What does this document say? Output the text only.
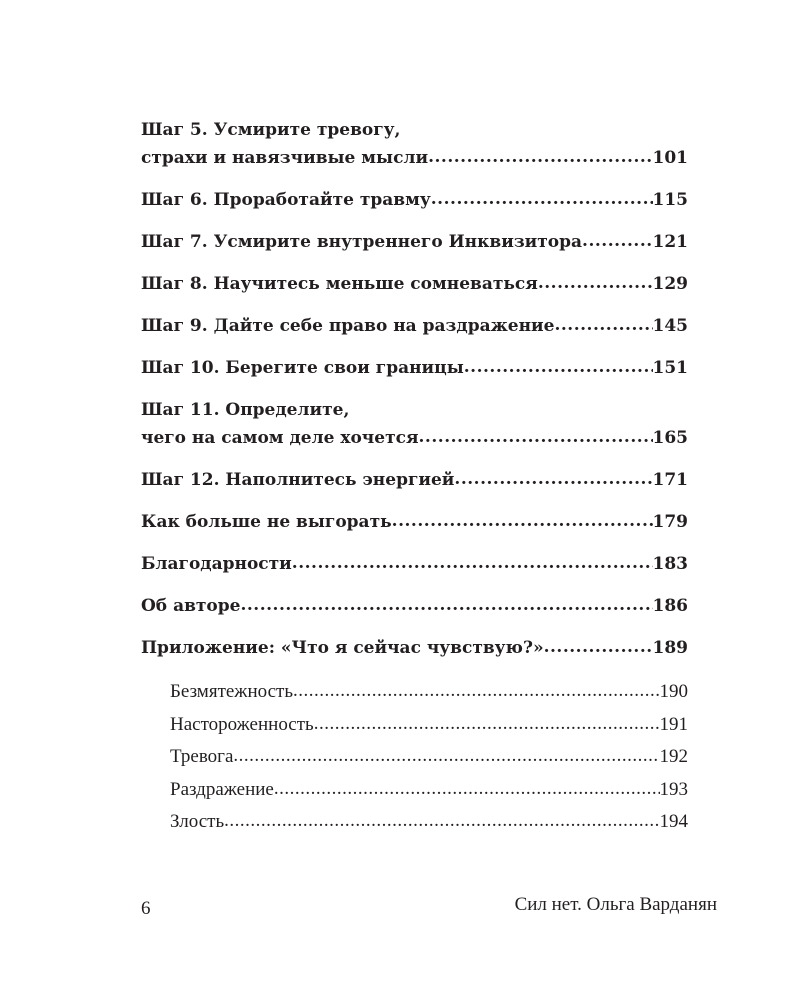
Шаг 5. Усмирите тревогу,
страхи и навязчивые мысли .....	101
Шаг 6. Проработайте травму .....	115
Шаг 7. Усмирите внутреннего Инквизитора .....	121
Шаг 8. Научитесь меньше сомневаться .....	129
Шаг 9. Дайте себе право на раздражение .....	145
Шаг 10. Берегите свои границы .....	151
Шаг 11. Определите,
чего на самом деле хочется .....	165
Шаг 12. Наполнитесь энергией .....	171
Как больше не выгорать .....	179
Благодарности .....	183
Об авторе .....	186
Приложение: «Что я сейчас чувствую?» .....	189
Безмятежность .....	190
Настороженность .....	191
Тревога .....	192
Раздражение .....	193
Злость .....	194
6	Сил нет. Ольга Варданян
